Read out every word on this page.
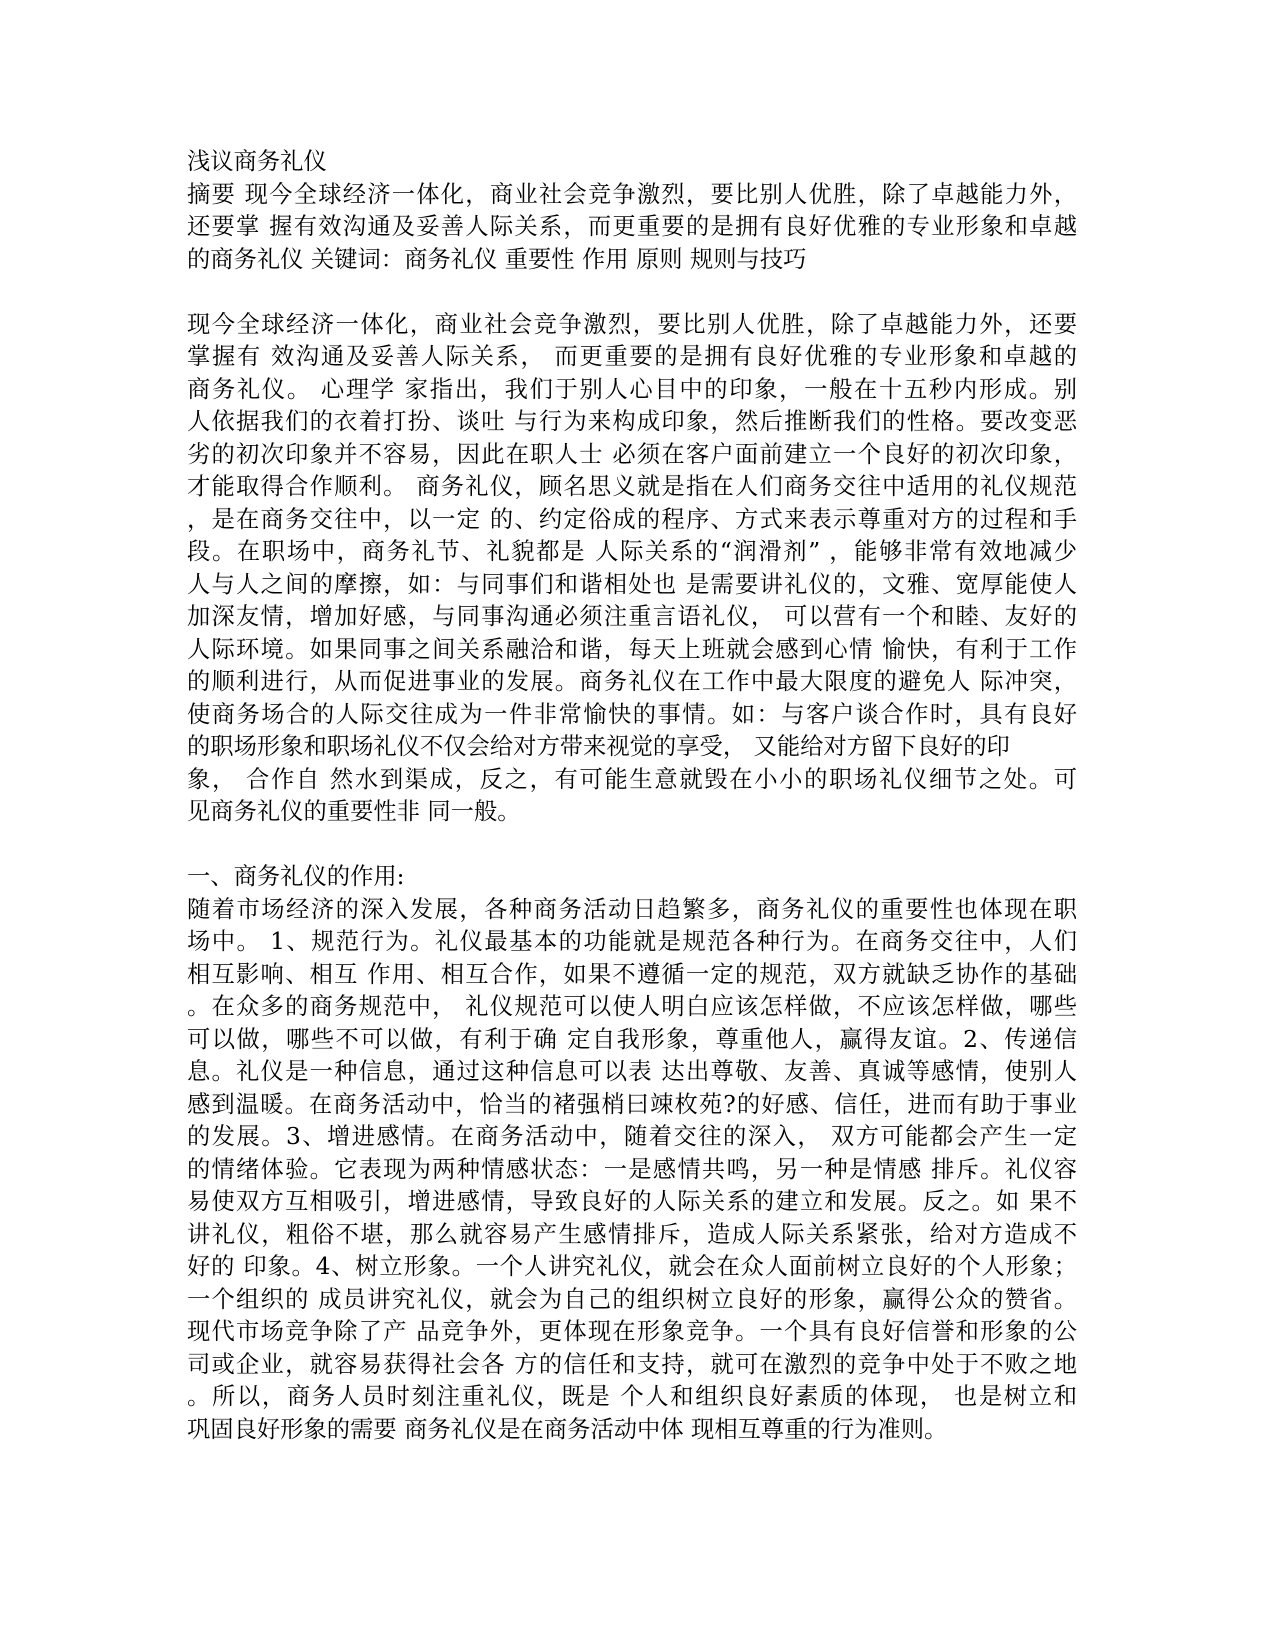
浅议商务礼仪
摘要 现今全球经济一体化，商业社会竞争激烈，要比别人优胜，除了卓越能力外，
还要掌 握有效沟通及妥善人际关系，而更重要的是拥有良好优雅的专业形象和卓越
的商务礼仪 关键词：商务礼仪 重要性 作用 原则 规则与技巧
现今全球经济一体化，商业社会竞争激烈，要比别人优胜，除了卓越能力外，还要
掌握有 效沟通及妥善人际关系， 而更重要的是拥有良好优雅的专业形象和卓越的
商务礼仪。 心理学 家指出，我们于别人心目中的印象，一般在十五秒内形成。别
人依据我们的衣着打扮、谈吐 与行为来构成印象，然后推断我们的性格。要改变恶
劣的初次印象并不容易，因此在职人士 必须在客户面前建立一个良好的初次印象，
才能取得合作顺利。 商务礼仪，顾名思义就是指在人们商务交往中适用的礼仪规范
，是在商务交往中，以一定 的、约定俗成的程序、方式来表示尊重对方的过程和手
段。在职场中，商务礼节、礼貌都是 人际关系的“润滑剂” ，能够非常有效地减少
人与人之间的摩擦，如：与同事们和谐相处也 是需要讲礼仪的，文雅、宽厚能使人
加深友情，增加好感，与同事沟通必须注重言语礼仪， 可以营有一个和睦、友好的
人际环境。如果同事之间关系融洽和谐，每天上班就会感到心情 愉快，有利于工作
的顺利进行，从而促进事业的发展。商务礼仪在工作中最大限度的避免人 际冲突，
使商务场合的人际交往成为一件非常愉快的事情。如：与客户谈合作时，具有良好
的职场形象和职场礼仪不仅会给对方带来视觉的享受， 又能给对方留下良好的印
象， 合作自 然水到渠成，反之，有可能生意就毁在小小的职场礼仪细节之处。可
见商务礼仪的重要性非 同一般。
一、商务礼仪的作用:
随着市场经济的深入发展，各种商务活动日趋繁多，商务礼仪的重要性也体现在职
场中。 1、规范行为。礼仪最基本的功能就是规范各种行为。在商务交往中，人们
相互影响、相互 作用、相互合作，如果不遵循一定的规范，双方就缺乏协作的基础
。在众多的商务规范中， 礼仪规范可以使人明白应该怎样做，不应该怎样做，哪些
可以做，哪些不可以做，有利于确 定自我形象，尊重他人，赢得友谊。2、传递信
息。礼仪是一种信息，通过这种信息可以表 达出尊敬、友善、真诚等感情，使别人
感到温暖。在商务活动中，恰当的褚强梢曰竦枚苑?的好感、信任，进而有助于事业
的发展。3、增进感情。在商务活动中，随着交往的深入， 双方可能都会产生一定
的情绪体验。它表现为两种情感状态：一是感情共鸣，另一种是情感 排斥。礼仪容
易使双方互相吸引，增进感情，导致良好的人际关系的建立和发展。反之。如 果不
讲礼仪，粗俗不堪，那么就容易产生感情排斥，造成人际关系紧张，给对方造成不
好的 印象。4、树立形象。一个人讲究礼仪，就会在众人面前树立良好的个人形象；
一个组织的 成员讲究礼仪，就会为自己的组织树立良好的形象，赢得公众的赞省。
现代市场竞争除了产 品竞争外，更体现在形象竞争。一个具有良好信誉和形象的公
司或企业，就容易获得社会各 方的信任和支持，就可在激烈的竞争中处于不败之地
。所以，商务人员时刻注重礼仪，既是 个人和组织良好素质的体现， 也是树立和
巩固良好形象的需要 商务礼仪是在商务活动中体 现相互尊重的行为准则。
